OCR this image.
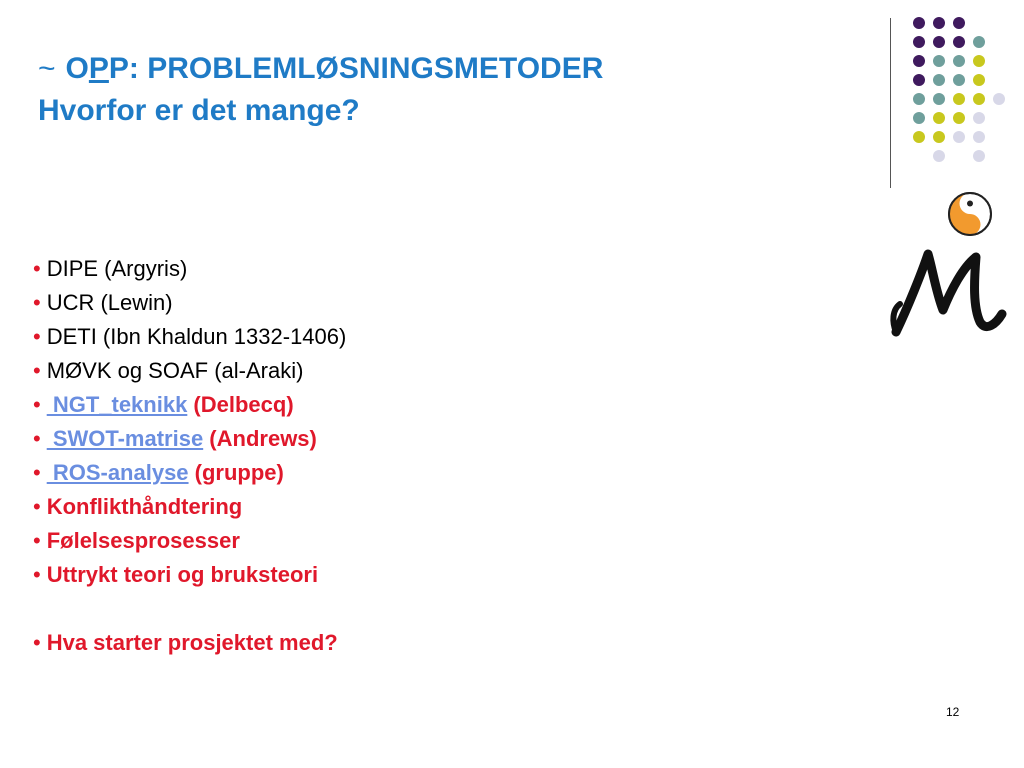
~ OPP: PROBLEMLØSNINGSMETODER
Hvorfor er det mange?
• DIPE (Argyris)
• UCR (Lewin)
• DETI (Ibn Khaldun 1332-1406)
• MØVK og SOAF (al-Araki)
• NGT_teknikk (Delbecq)
• SWOT-matrise (Andrews)
• ROS-analyse (gruppe)
• Konflikthåndtering
• Følelsesprosesser
• Uttrykt teori og bruksteori
• Hva starter prosjektet med?
12
